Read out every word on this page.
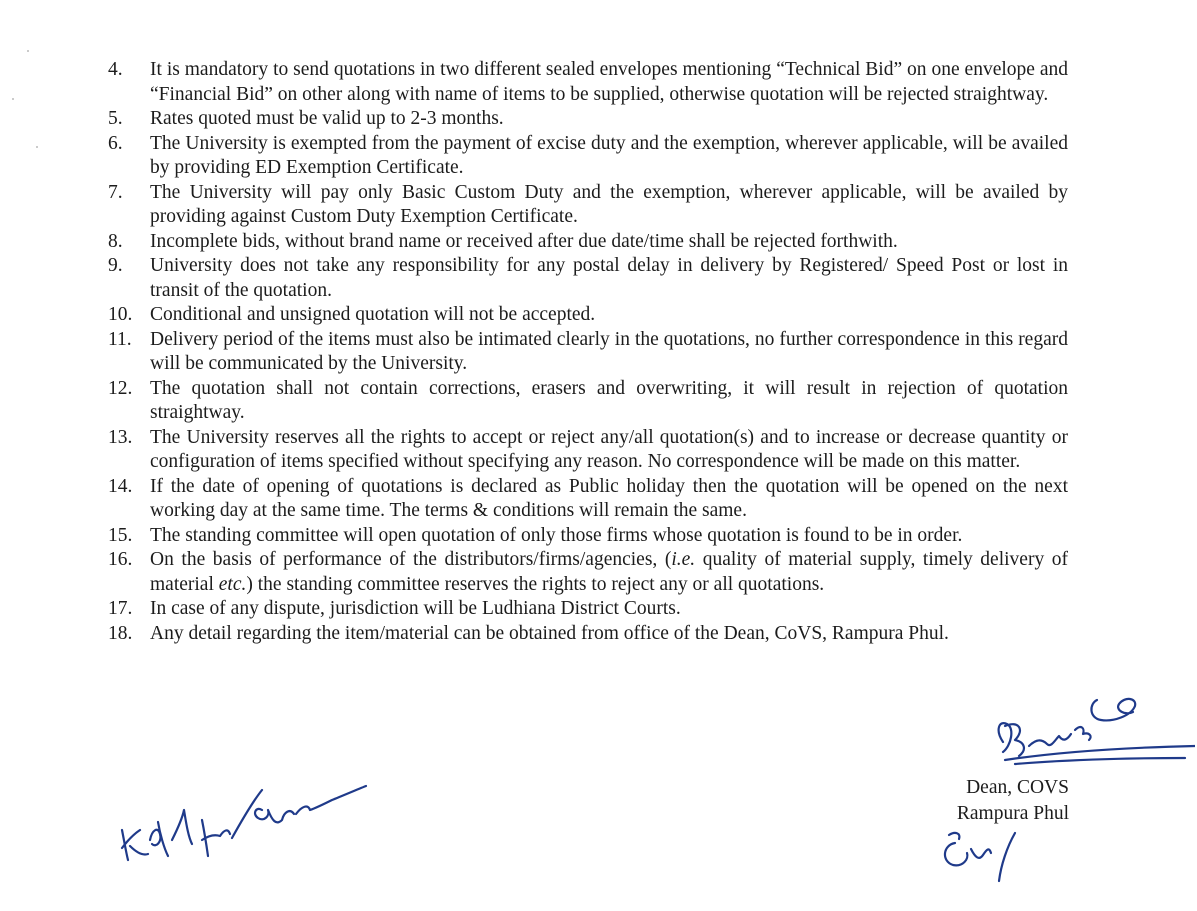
4.	It is mandatory to send quotations in two different sealed envelopes mentioning “Technical Bid” on one envelope and “Financial Bid” on other along with name of items to be supplied, otherwise quotation will be rejected straightway.
5.	Rates quoted must be valid up to 2-3 months.
6.	The University is exempted from the payment of excise duty and the exemption, wherever applicable, will be availed by providing ED Exemption Certificate.
7.	The University will pay only Basic Custom Duty and the exemption, wherever applicable, will be availed by providing against Custom Duty Exemption Certificate.
8.	Incomplete bids, without brand name or received after due date/time shall be rejected forthwith.
9.	University does not take any responsibility for any postal delay in delivery by Registered/ Speed Post or lost in transit of the quotation.
10. Conditional and unsigned quotation will not be accepted.
11. Delivery period of the items must also be intimated clearly in the quotations, no further correspondence in this regard will be communicated by the University.
12. The quotation shall not contain corrections, erasers and overwriting, it will result in rejection of quotation straightway.
13. The University reserves all the rights to accept or reject any/all quotation(s) and to increase or decrease quantity or configuration of items specified without specifying any reason. No correspondence will be made on this matter.
14. If the date of opening of quotations is declared as Public holiday then the quotation will be opened on the next working day at the same time. The terms & conditions will remain the same.
15. The standing committee will open quotation of only those firms whose quotation is found to be in order.
16. On the basis of performance of the distributors/firms/agencies, (i.e. quality of material supply, timely delivery of material etc.) the standing committee reserves the rights to reject any or all quotations.
17. In case of any dispute, jurisdiction will be Ludhiana District Courts.
18. Any detail regarding the item/material can be obtained from office of the Dean, CoVS, Rampura Phul.
Dean, COVS
Rampura Phul
